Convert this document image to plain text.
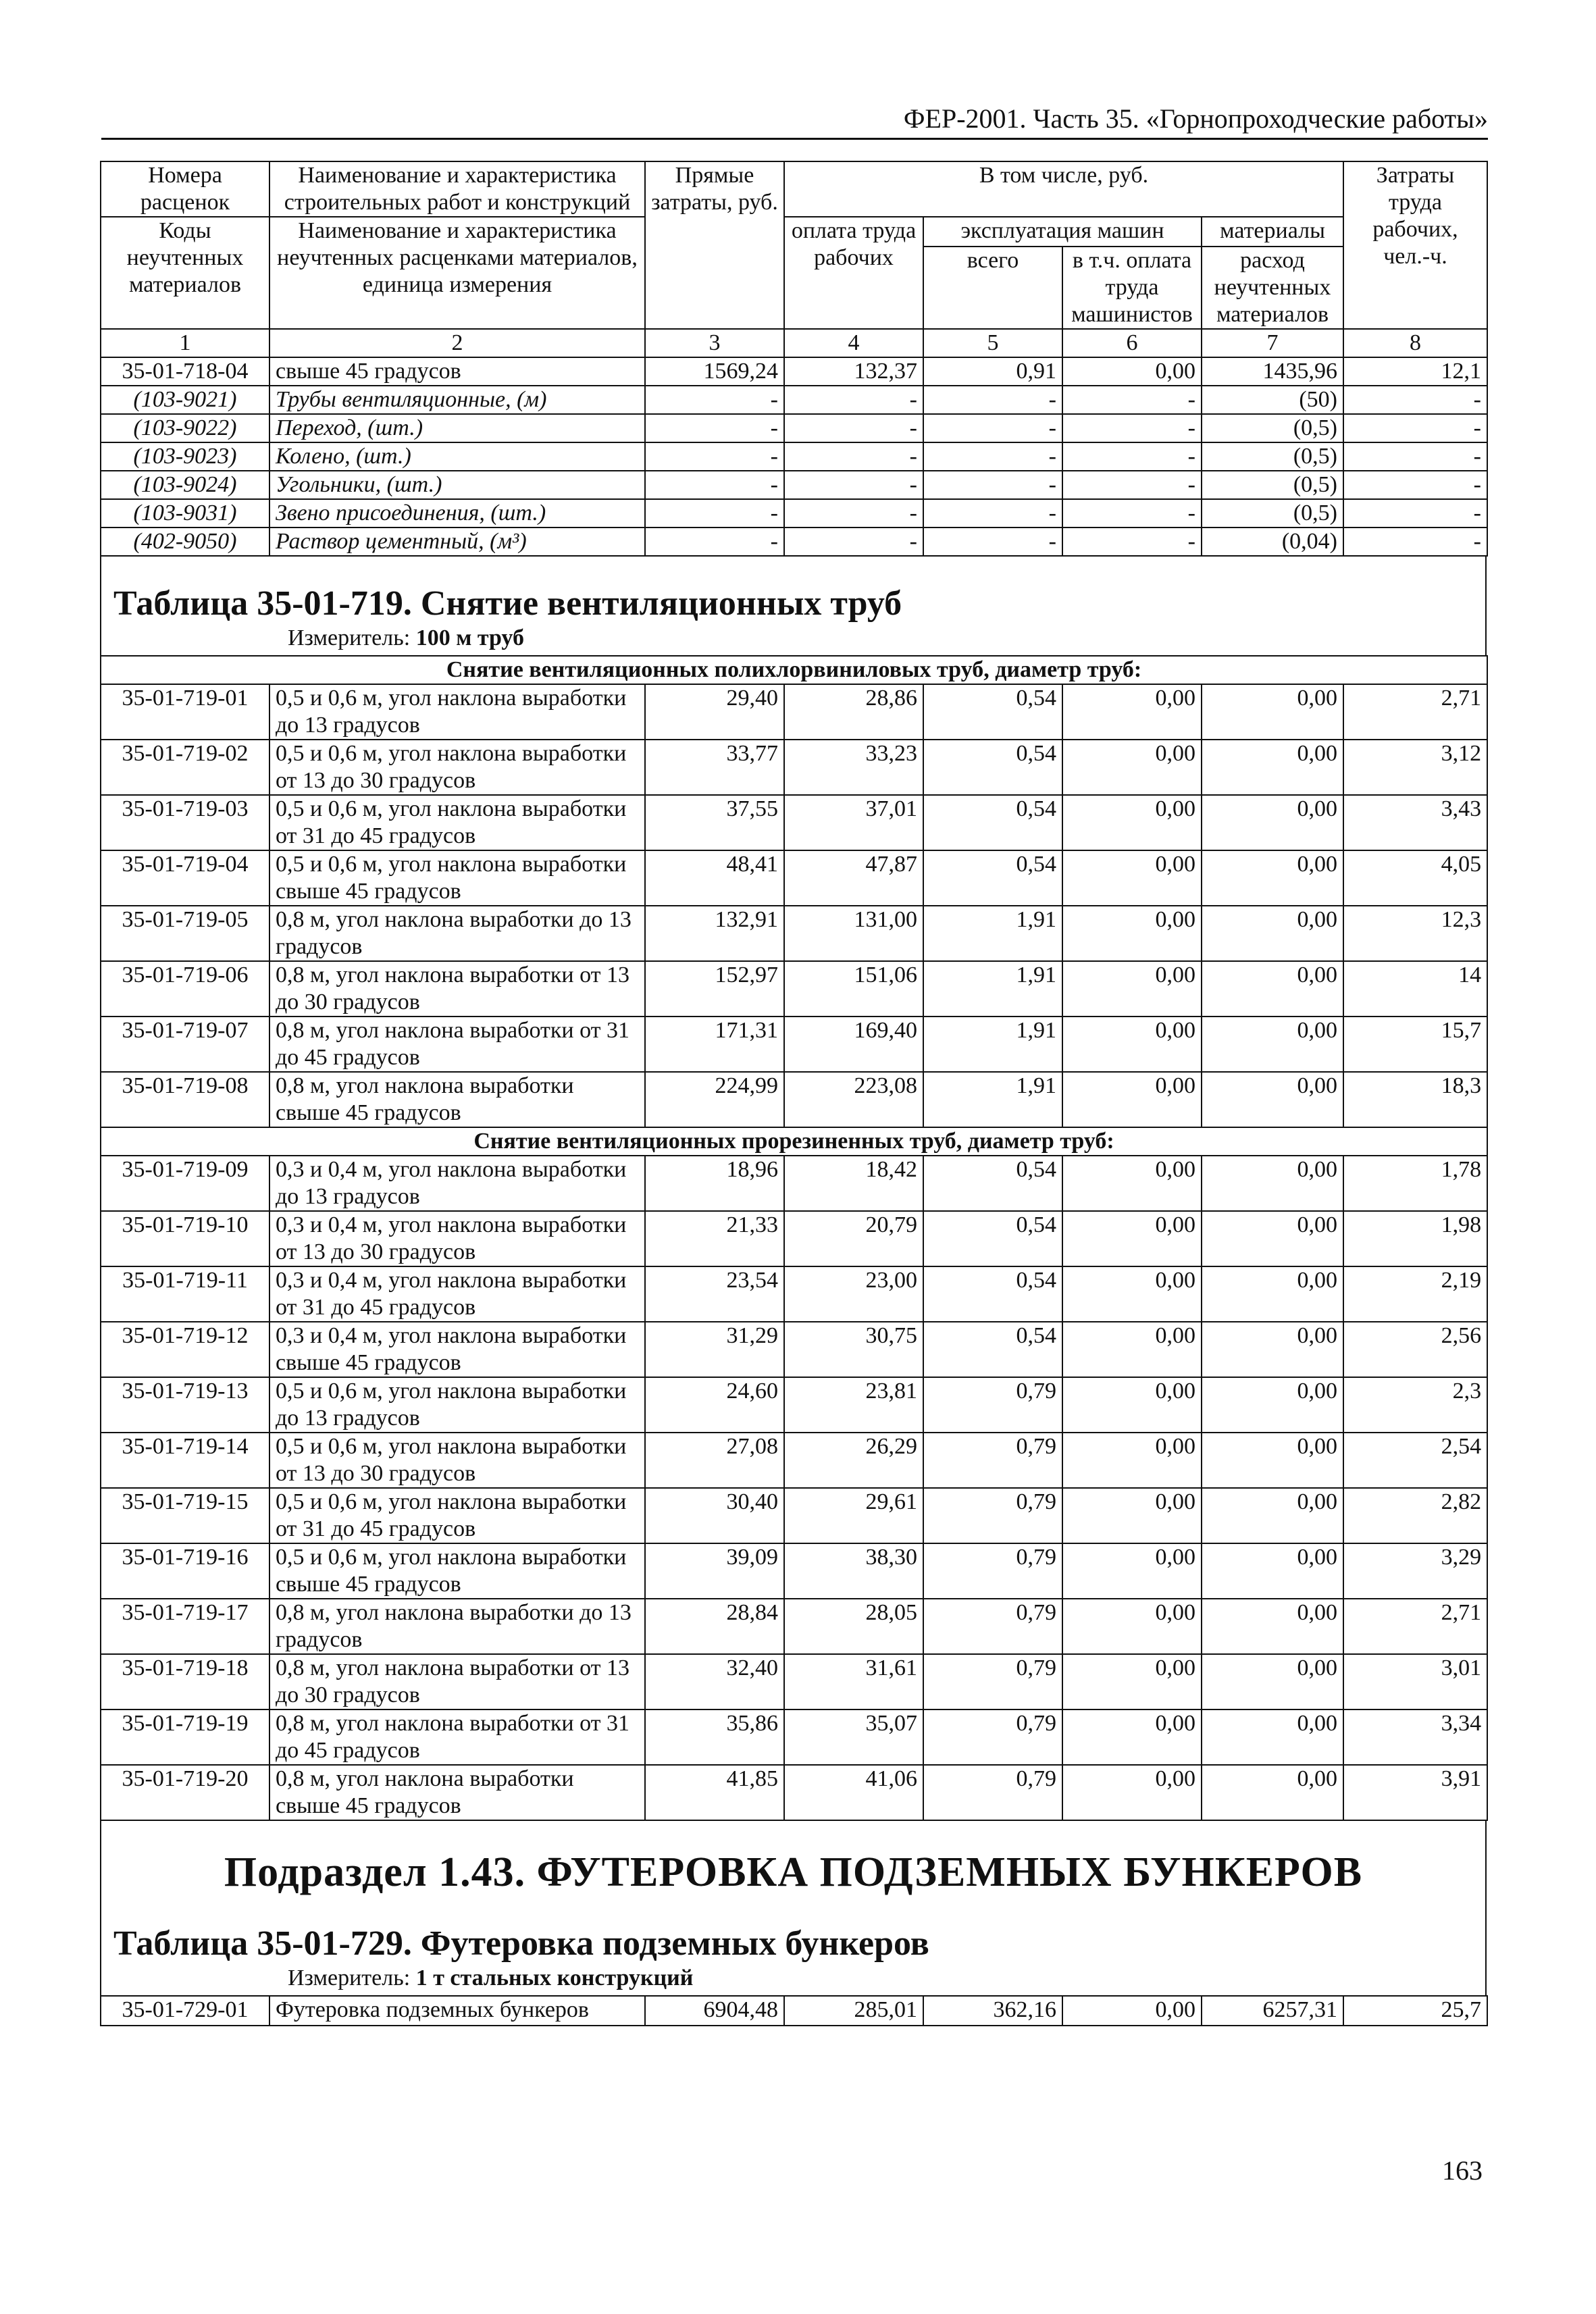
ФЕР-2001. Часть 35. «Горнопроходческие работы»
Номера расценок	Наименование и характеристика строительных работ и конструкций	Прямые затраты, руб.	В том числе, руб.				Затраты труда рабочих, чел.-ч.
Коды неучтенных материалов	Наименование и характеристика неучтенных расценками материалов, единица измерения		оплата труда рабочих	эксплуатация машин		материалы	
				всего	в т.ч. оплата труда машинистов	расход неучтенных материалов	
1	2	3	4	5	6	7	8
35-01-718-04	свыше 45 градусов	1569,24	132,37	0,91	0,00	1435,96	12,1
(103-9021)	Трубы вентиляционные, (м)	-	-	-	-	(50)	-
(103-9022)	Переход, (шт.)	-	-	-	-	(0,5)	-
(103-9023)	Колено, (шт.)	-	-	-	-	(0,5)	-
(103-9024)	Угольники, (шт.)	-	-	-	-	(0,5)	-
(103-9031)	Звено присоединения, (шт.)	-	-	-	-	(0,5)	-
(402-9050)	Раствор цементный, (м³)	-	-	-	-	(0,04)	-
Таблица 35-01-719. Снятие вентиляционных труб
Измеритель: 100 м труб
Снятие вентиляционных полихлорвиниловых труб, диаметр труб:							
35-01-719-01	0,5 и 0,6 м, угол наклона выработки до 13 градусов	29,40	28,86	0,54	0,00	0,00	2,71
35-01-719-02	0,5 и 0,6 м, угол наклона выработки от 13 до 30 градусов	33,77	33,23	0,54	0,00	0,00	3,12
35-01-719-03	0,5 и 0,6 м, угол наклона выработки от 31 до 45 градусов	37,55	37,01	0,54	0,00	0,00	3,43
35-01-719-04	0,5 и 0,6 м, угол наклона выработки свыше 45 градусов	48,41	47,87	0,54	0,00	0,00	4,05
35-01-719-05	0,8 м, угол наклона выработки до 13 градусов	132,91	131,00	1,91	0,00	0,00	12,3
35-01-719-06	0,8 м, угол наклона выработки от 13 до 30 градусов	152,97	151,06	1,91	0,00	0,00	14
35-01-719-07	0,8 м, угол наклона выработки от 31 до 45 градусов	171,31	169,40	1,91	0,00	0,00	15,7
35-01-719-08	0,8 м, угол наклона выработки свыше 45 градусов	224,99	223,08	1,91	0,00	0,00	18,3
Снятие вентиляционных прорезиненных труб, диаметр труб:							
35-01-719-09	0,3 и 0,4 м, угол наклона выработки до 13 градусов	18,96	18,42	0,54	0,00	0,00	1,78
35-01-719-10	0,3 и 0,4 м, угол наклона выработки от 13 до 30 градусов	21,33	20,79	0,54	0,00	0,00	1,98
35-01-719-11	0,3 и 0,4 м, угол наклона выработки от 31 до 45 градусов	23,54	23,00	0,54	0,00	0,00	2,19
35-01-719-12	0,3 и 0,4 м, угол наклона выработки свыше 45 градусов	31,29	30,75	0,54	0,00	0,00	2,56
35-01-719-13	0,5 и 0,6 м, угол наклона выработки до 13 градусов	24,60	23,81	0,79	0,00	0,00	2,3
35-01-719-14	0,5 и 0,6 м, угол наклона выработки от 13 до 30 градусов	27,08	26,29	0,79	0,00	0,00	2,54
35-01-719-15	0,5 и 0,6 м, угол наклона выработки от 31 до 45 градусов	30,40	29,61	0,79	0,00	0,00	2,82
35-01-719-16	0,5 и 0,6 м, угол наклона выработки свыше 45 градусов	39,09	38,30	0,79	0,00	0,00	3,29
35-01-719-17	0,8 м, угол наклона выработки до 13 градусов	28,84	28,05	0,79	0,00	0,00	2,71
35-01-719-18	0,8 м, угол наклона выработки от 13 до 30 градусов	32,40	31,61	0,79	0,00	0,00	3,01
35-01-719-19	0,8 м, угол наклона выработки от 31 до 45 градусов	35,86	35,07	0,79	0,00	0,00	3,34
35-01-719-20	0,8 м, угол наклона выработки свыше 45 градусов	41,85	41,06	0,79	0,00	0,00	3,91
Подраздел 1.43. ФУТЕРОВКА ПОДЗЕМНЫХ БУНКЕРОВ
Таблица 35-01-729. Футеровка подземных бункеров
Измеритель: 1 т стальных конструкций
35-01-729-01	Футеровка подземных бункеров	6904,48	285,01	362,16	0,00	6257,31	25,7
163
